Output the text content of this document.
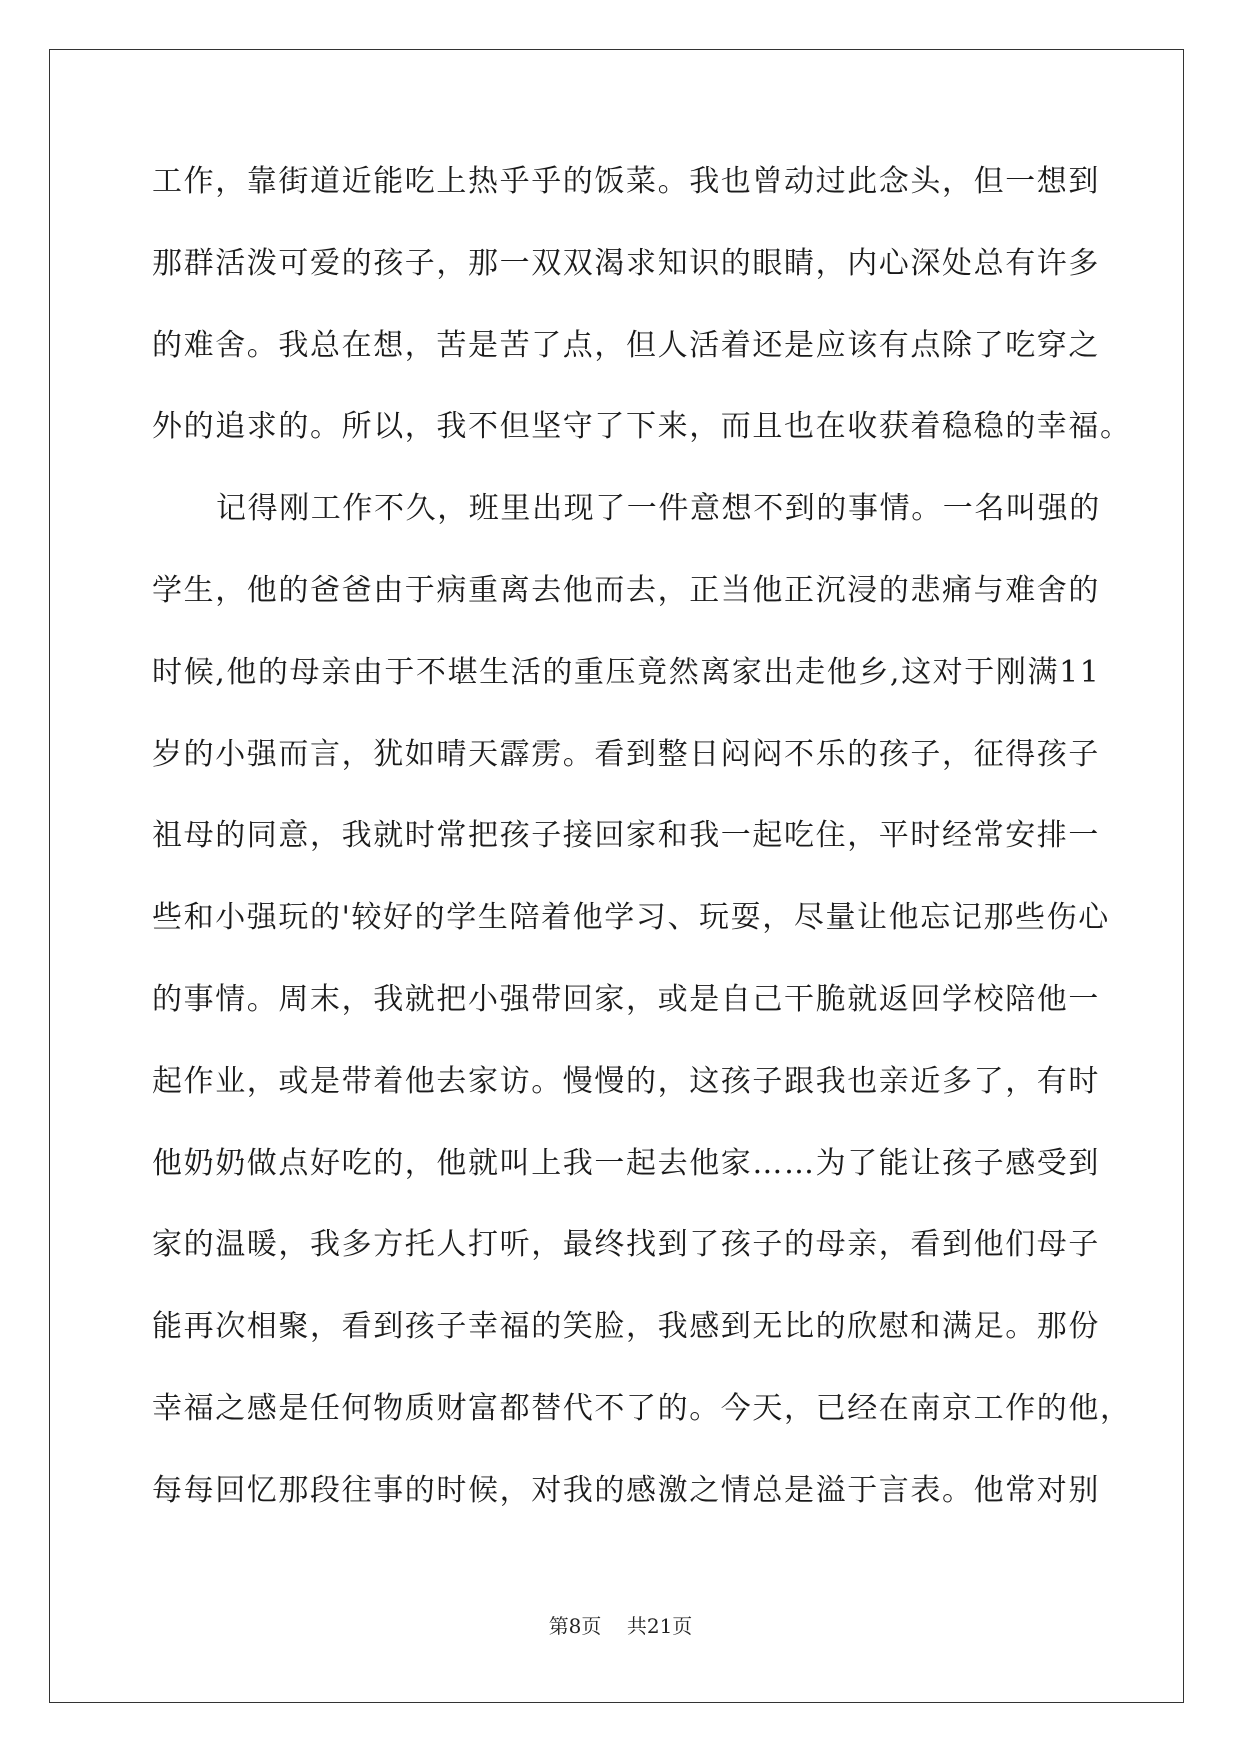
工作，靠街道近能吃上热乎乎的饭菜。我也曾动过此念头，但一想到
那群活泼可爱的孩子，那一双双渴求知识的眼睛，内心深处总有许多
的难舍。我总在想，苦是苦了点，但人活着还是应该有点除了吃穿之
外的追求的。所以，我不但坚守了下来，而且也在收获着稳稳的幸福。
记得刚工作不久，班里出现了一件意想不到的事情。一名叫强的
学生，他的爸爸由于病重离去他而去，正当他正沉浸的悲痛与难舍的
时候,他的母亲由于不堪生活的重压竟然离家出走他乡,这对于刚满11
岁的小强而言，犹如晴天霹雳。看到整日闷闷不乐的孩子，征得孩子
祖母的同意，我就时常把孩子接回家和我一起吃住，平时经常安排一
些和小强玩的'较好的学生陪着他学习、玩耍，尽量让他忘记那些伤心
的事情。周末，我就把小强带回家，或是自己干脆就返回学校陪他一
起作业，或是带着他去家访。慢慢的，这孩子跟我也亲近多了，有时
他奶奶做点好吃的，他就叫上我一起去他家……为了能让孩子感受到
家的温暖，我多方托人打听，最终找到了孩子的母亲，看到他们母子
能再次相聚，看到孩子幸福的笑脸，我感到无比的欣慰和满足。那份
幸福之感是任何物质财富都替代不了的。今天，已经在南京工作的他，
每每回忆那段往事的时候，对我的感激之情总是溢于言表。他常对别
第8页 共21页
